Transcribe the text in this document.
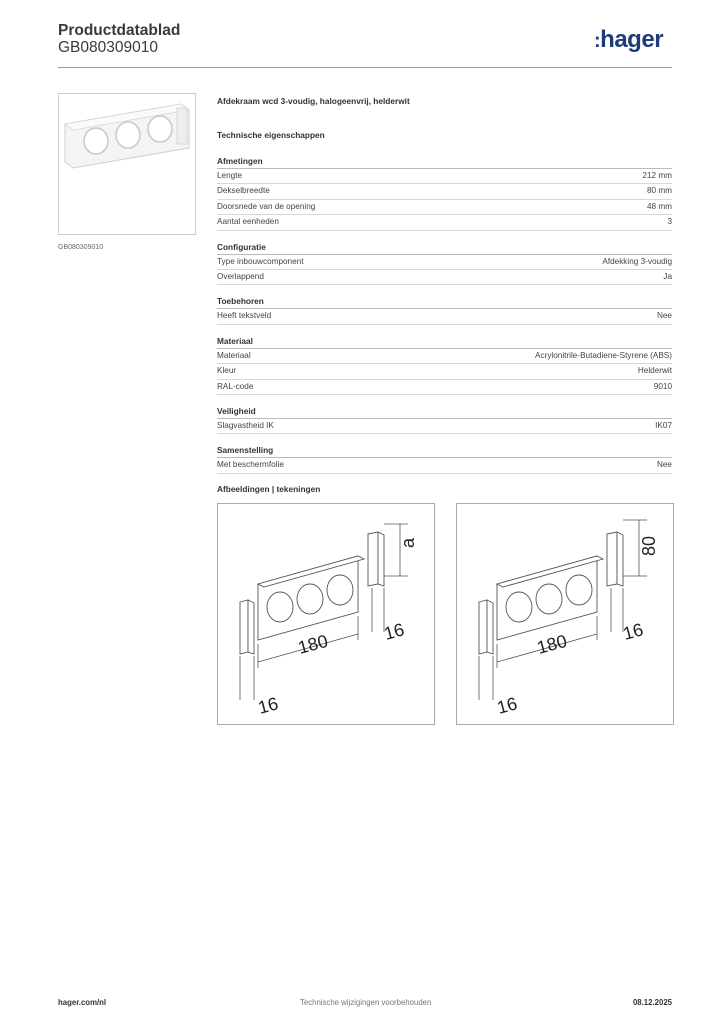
Productdatablad
GB080309010	:hager
GB080309010
Afdekraam wcd 3-voudig, halogeenvrij, helderwit
Technische eigenschappen
Afmetingen
Lengte	212 mm
Dekselbreedte	80 mm
Doorsnede van de opening	48 mm
Aantal eenheden	3
Configuratie
Type inbouwcomponent	Afdekking 3-voudig
Overlappend	Ja
Toebehoren
Heeft tekstveld	Nee
Materiaal
Materiaal	Acrylonitrile-Butadiene-Styrene (ABS)
Kleur	Helderwit
RAL-code	9010
Veiligheid
Slagvastheid IK	IK07
Samenstelling
Met beschermfolie	Nee
Afbeeldingen | tekeningen
a
180	16
16
80
180	16
16
hager.com/nl	Technische wijzigingen voorbehouden	08.12.2025
